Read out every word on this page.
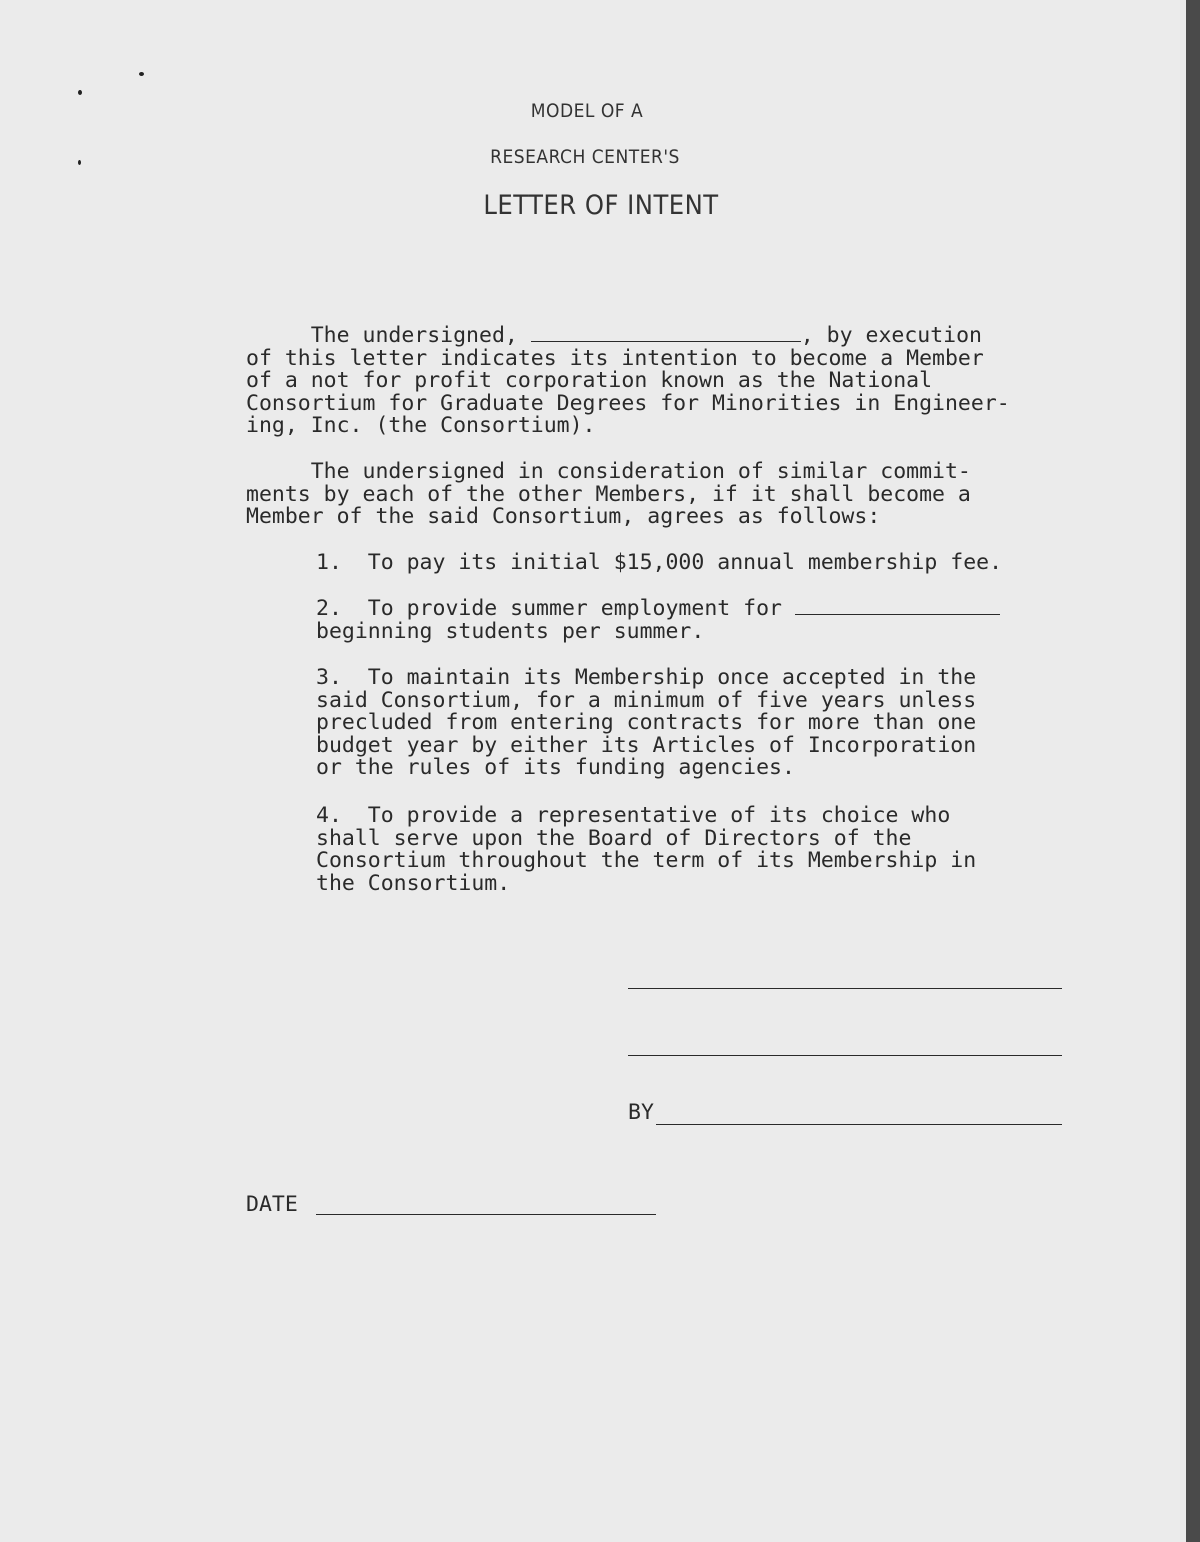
MODEL OF A
RESEARCH CENTER'S
LETTER OF INTENT
The undersigned,	, by execution
of this letter indicates its intention to become a Member
of a not for profit corporation known as the National
Consortium for Graduate Degrees for Minorities in Engineer-
ing, Inc. (the Consortium).
The undersigned in consideration of similar commit-
ments by each of the other Members, if it shall become a
Member of the said Consortium, agrees as follows:
1.  To pay its initial $15,000 annual membership fee.
2.  To provide summer employment for
beginning students per summer.
3.  To maintain its Membership once accepted in the
said Consortium, for a minimum of five years unless
precluded from entering contracts for more than one
budget year by either its Articles of Incorporation
or the rules of its funding agencies.
4.  To provide a representative of its choice who
shall serve upon the Board of Directors of the
Consortium throughout the term of its Membership in
the Consortium.

BY

DATE
